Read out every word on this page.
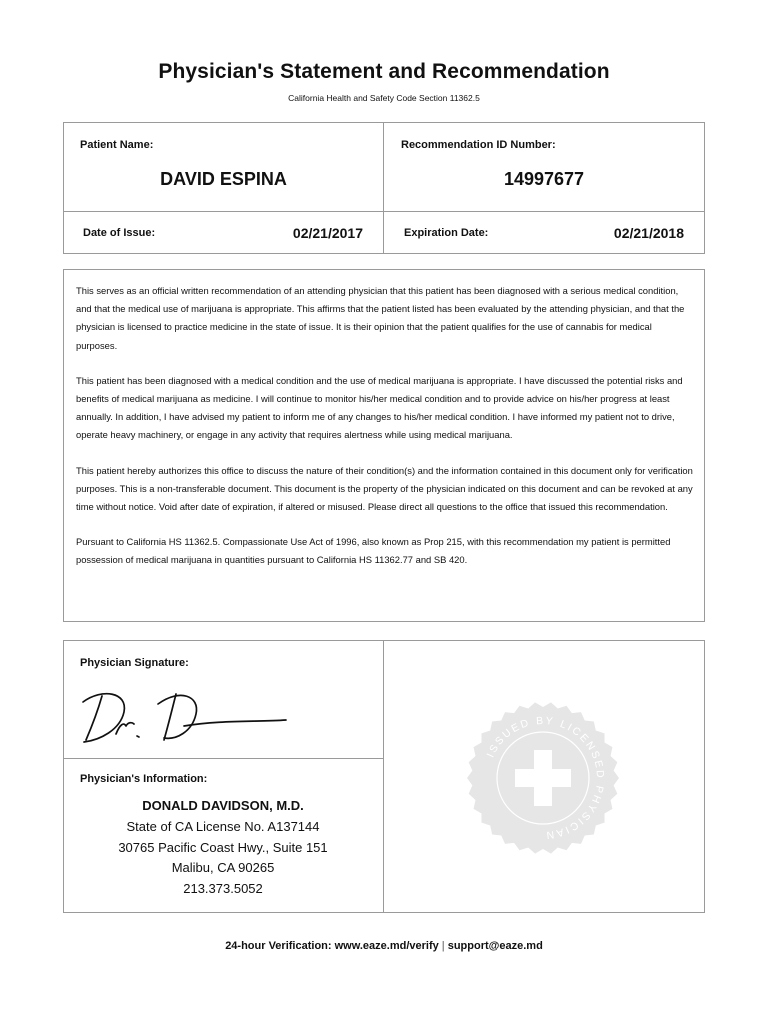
Physician's Statement and Recommendation
California Health and Safety Code Section 11362.5
Patient Name:
DAVID ESPINA
Recommendation ID Number:
14997677
Date of Issue:	02/21/2017	Expiration Date:	02/21/2018

This serves as an official written recommendation of an attending physician that this patient has been diagnosed with a serious medical condition, and that the medical use of marijuana is appropriate. This affirms that the patient listed has been evaluated by the attending physician, and that the physician is licensed to practice medicine in the state of issue. It is their opinion that the patient qualifies for the use of cannabis for medical purposes.

This patient has been diagnosed with a medical condition and the use of medical marijuana is appropriate. I have discussed the potential risks and benefits of medical marijuana as medicine. I will continue to monitor his/her medical condition and to provide advice on his/her progress at least annually. In addition, I have advised my patient to inform me of any changes to his/her medical condition. I have informed my patient not to drive, operate heavy machinery, or engage in any activity that requires alertness while using medical marijuana.

This patient hereby authorizes this office to discuss the nature of their condition(s) and the information contained in this document only for verification purposes. This is a non-transferable document. This document is the property of the physician indicated on this document and can be revoked at any time without notice. Void after date of expiration, if altered or misused. Please direct all questions to the office that issued this recommendation.

Pursuant to California HS 11362.5. Compassionate Use Act of 1996, also known as Prop 215, with this recommendation my patient is permitted possession of medical marijuana in quantities pursuant to California HS 11362.77 and SB 420.

Physician Signature:
Physician's Information:
DONALD DAVIDSON, M.D.
State of CA License No. A137144
30765 Pacific Coast Hwy., Suite 151
Malibu, CA 90265
213.373.5052
ISSUED BY LICENSED PHYSICIAN
24-hour Verification: www.eaze.md/verify | support@eaze.md
